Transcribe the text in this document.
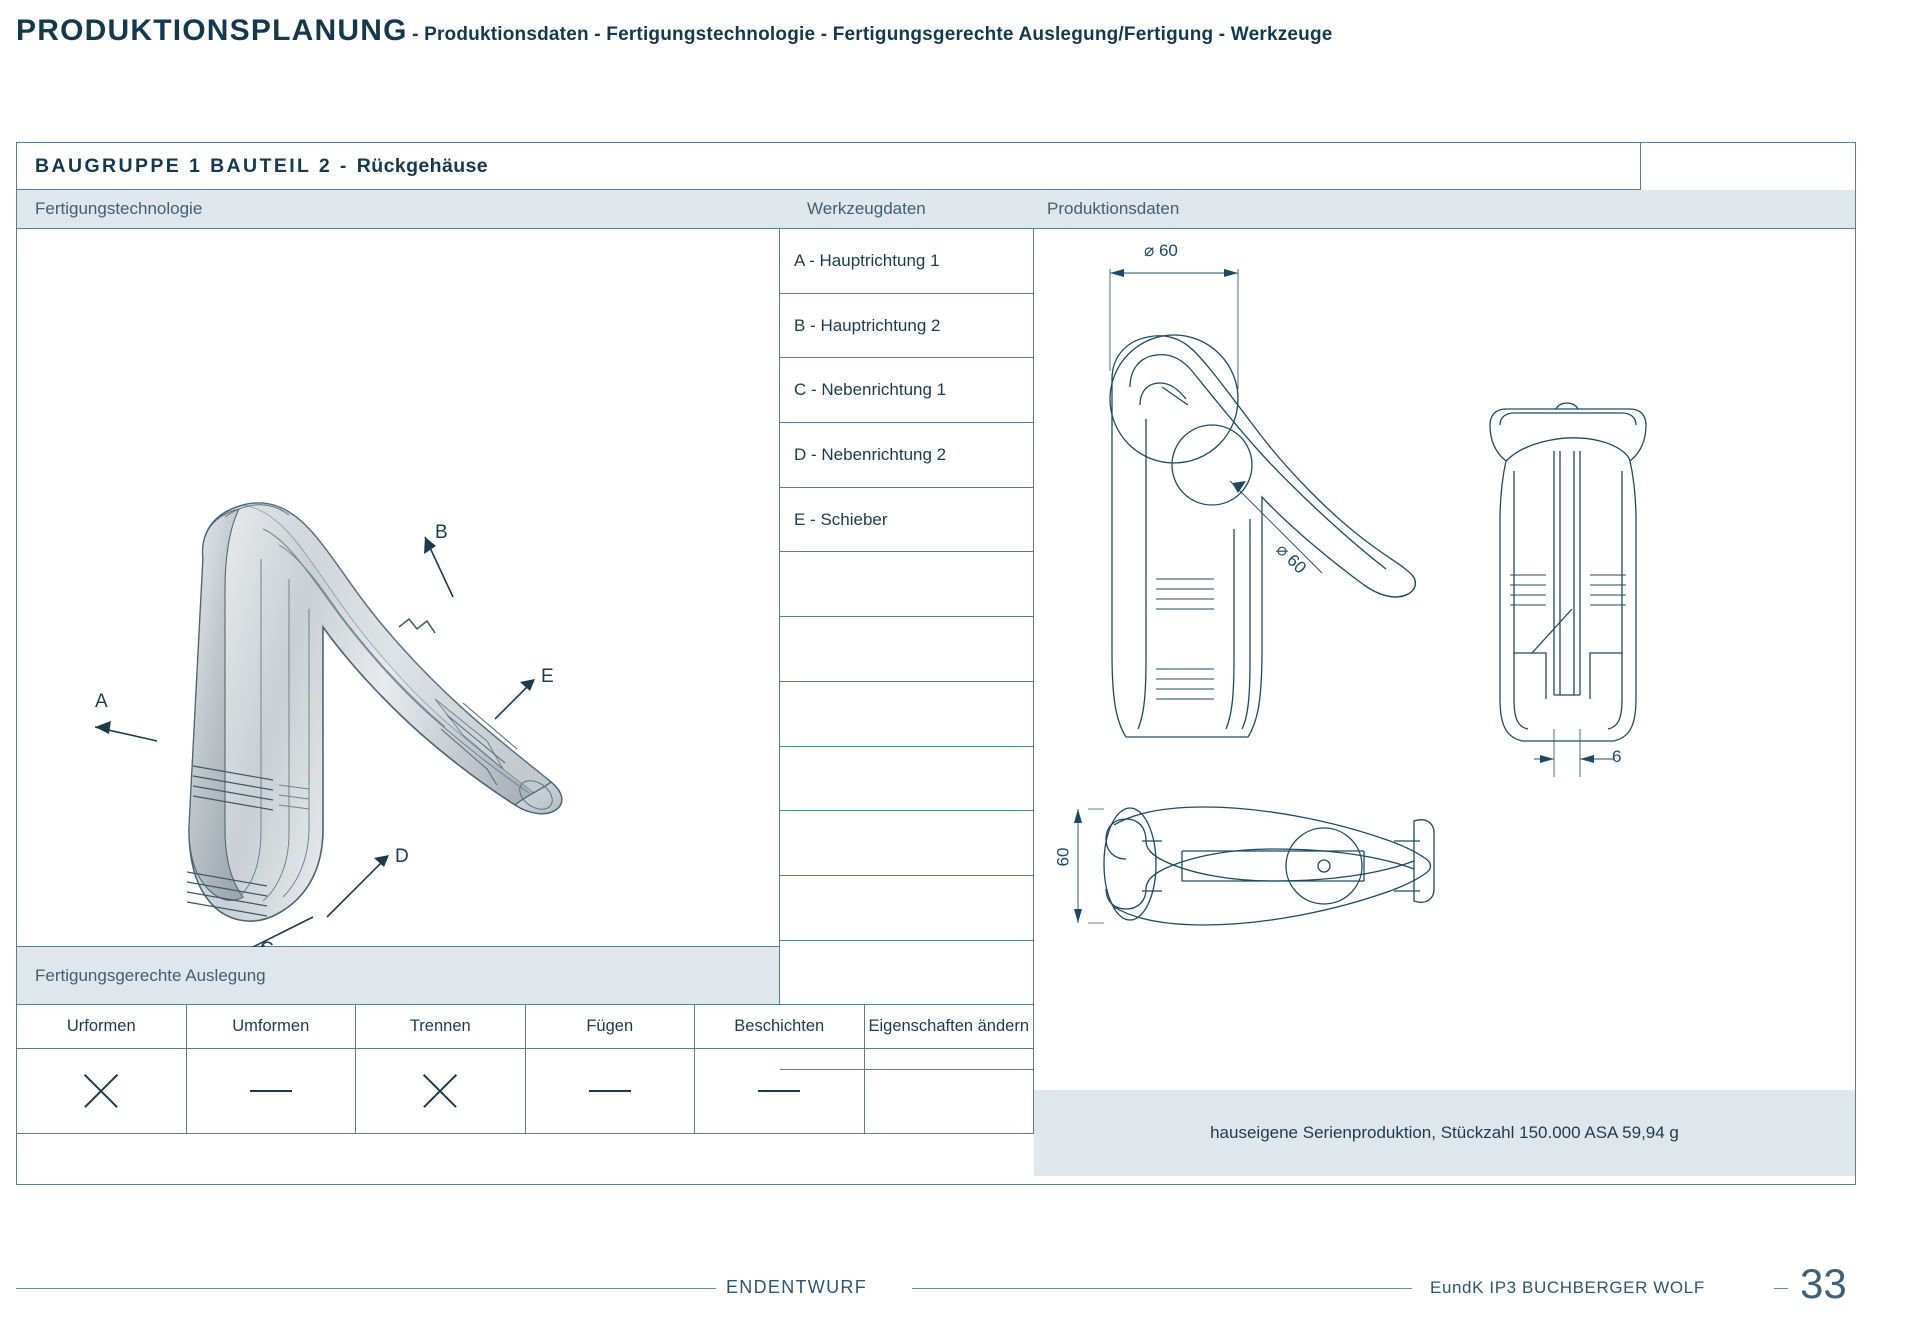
PRODUKTIONSPLANUNG - Produktionsdaten - Fertigungstechnologie - Fertigungsgerechte Auslegung/Fertigung - Werkzeuge
BAUGRUPPE 1 BAUTEIL 2 - Rückgehäuse
Fertigungstechnologie	Werkzeugdaten	Produktionsdaten
A
B
D
E
A - Hauptrichtung 1
B - Hauptrichtung 2
C - Nebenrichtung 1
D - Nebenrichtung 2
E - Schieber
Fertigungsgerechte Auslegung
Urformen	Umformen	Trennen	Fügen	Beschichten	Eigenschaften ändern
⌀ 60
⌀ 60
60
6
hauseigene Serienproduktion, Stückzahl 150.000 ASA 59,94 g
ENDENTWURF	EundK IP3 BUCHBERGER WOLF 33
